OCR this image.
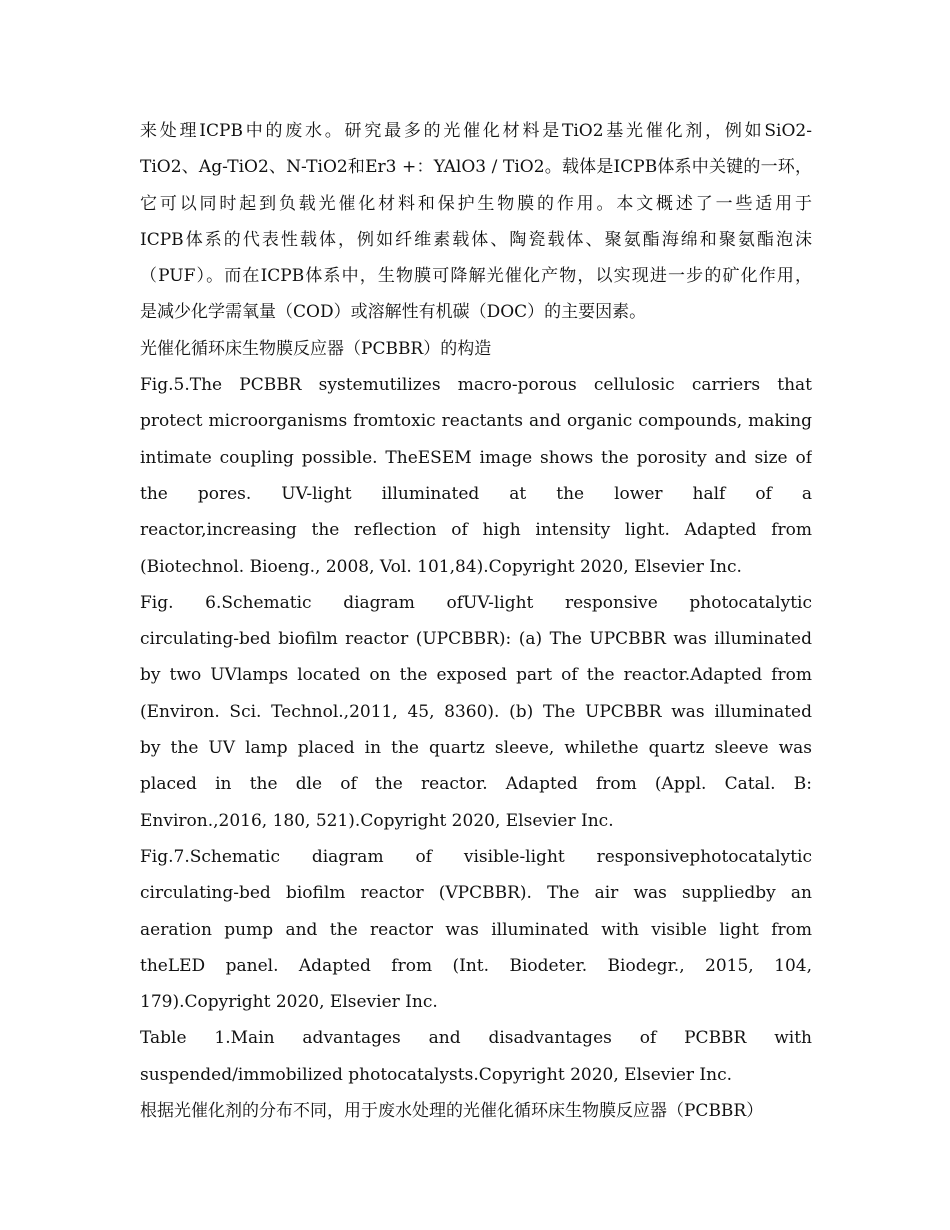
来处理ICPB中的废水。研究最多的光催化材料是TiO2基光催化剂，例如SiO2-
TiO2、Ag-TiO2、N-TiO2和Er3 +：YAlO3 / TiO2。载体是ICPB体系中关键的一环，
它可以同时起到负载光催化材料和保护生物膜的作用。本文概述了一些适用于
ICPB体系的代表性载体，例如纤维素载体、陶瓷载体、聚氨酯海绵和聚氨酯泡沫
（PUF）。而在ICPB体系中，生物膜可降解光催化产物，以实现进一步的矿化作用，
是减少化学需氧量（COD）或溶解性有机碳（DOC）的主要因素。
光催化循环床生物膜反应器（PCBBR）的构造
Fig.5.The PCBBR systemutilizes macro-porous cellulosic carriers that
protect microorganisms fromtoxic reactants and organic compounds, making
intimate coupling possible. TheESEM image shows the porosity and size of
the pores. UV-light illuminated at the lower half of a
reactor,increasing the reflection of high intensity light. Adapted from
(Biotechnol. Bioeng., 2008, Vol. 101,84).Copyright 2020, Elsevier Inc.
Fig. 6.Schematic diagram ofUV-light responsive photocatalytic
circulating-bed biofilm reactor (UPCBBR): (a) The UPCBBR was illuminated
by two UVlamps located on the exposed part of the reactor.Adapted from
(Environ. Sci. Technol.,2011, 45, 8360). (b) The UPCBBR was illuminated
by the UV lamp placed in the quartz sleeve, whilethe quartz sleeve was
placed in the dle of the reactor. Adapted from (Appl. Catal. B:
Environ.,2016, 180, 521).Copyright 2020, Elsevier Inc.
Fig.7.Schematic diagram of visible-light responsivephotocatalytic
circulating-bed biofilm reactor (VPCBBR). The air was suppliedby an
aeration pump and the reactor was illuminated with visible light from
theLED panel. Adapted from (Int. Biodeter. Biodegr., 2015, 104,
179).Copyright 2020, Elsevier Inc.
Table 1.Main advantages and disadvantages of PCBBR with
suspended/immobilized photocatalysts.Copyright 2020, Elsevier Inc.
根据光催化剂的分布不同，用于废水处理的光催化循环床生物膜反应器（PCBBR）
